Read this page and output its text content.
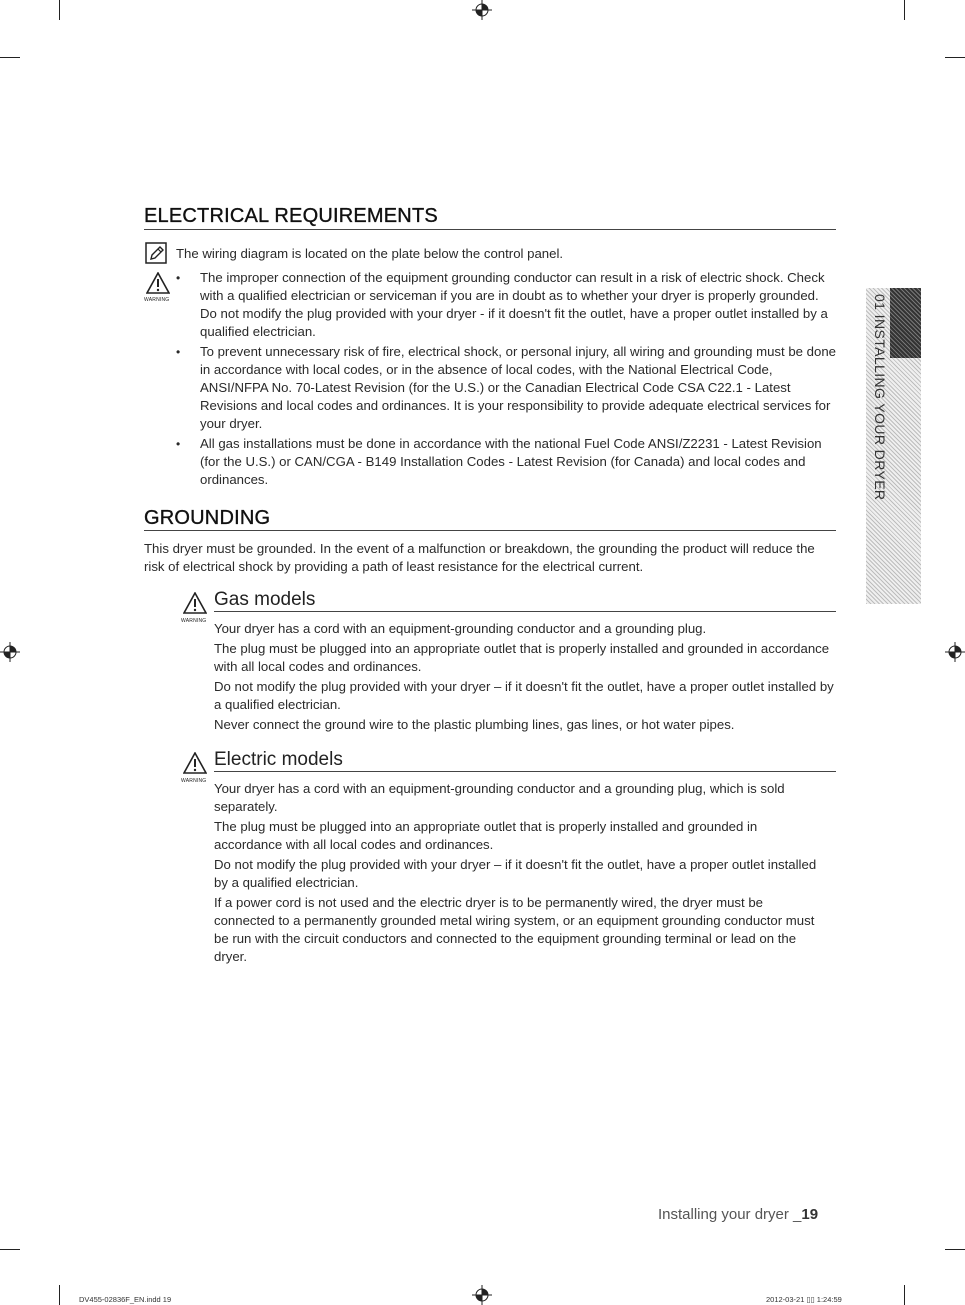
ELECTRICAL REQUIREMENTS
The wiring diagram is located on the plate below the control panel.
WARNING
• The improper connection of the equipment grounding conductor can result in a risk of electric shock. Check with a qualified electrician or serviceman if you are in doubt as to whether your dryer is properly grounded. Do not modify the plug provided with your dryer - if it doesn't fit the outlet, have a proper outlet installed by a qualified electrician.
• To prevent unnecessary risk of fire, electrical shock, or personal injury, all wiring and grounding must be done in accordance with local codes, or in the absence of local codes, with the National Electrical Code, ANSI/NFPA No. 70-Latest Revision (for the U.S.) or the Canadian Electrical Code CSA C22.1 - Latest Revisions and local codes and ordinances. It is your responsibility to provide adequate electrical services for your dryer.
• All gas installations must be done in accordance with the national Fuel Code ANSI/Z2231 - Latest Revision (for the U.S.) or CAN/CGA - B149 Installation Codes - Latest Revision (for Canada) and local codes and ordinances.
GROUNDING
This dryer must be grounded. In the event of a malfunction or breakdown, the grounding the product will reduce the risk of electrical shock by providing a path of least resistance for the electrical current.
WARNING
Gas models
Your dryer has a cord with an equipment-grounding conductor and a grounding plug.
The plug must be plugged into an appropriate outlet that is properly installed and grounded in accordance with all local codes and ordinances.
Do not modify the plug provided with your dryer – if it doesn't fit the outlet, have a proper outlet installed by a qualified electrician.
Never connect the ground wire to the plastic plumbing lines, gas lines, or hot water pipes.
WARNING
Electric models
Your dryer has a cord with an equipment-grounding conductor and a grounding plug, which is sold separately.
The plug must be plugged into an appropriate outlet that is properly installed and grounded in accordance with all local codes and ordinances.
Do not modify the plug provided with your dryer – if it doesn't fit the outlet, have a proper outlet installed by a qualified electrician.
If a power cord is not used and the electric dryer is to be permanently wired, the dryer must be connected to a permanently grounded metal wiring system, or an equipment grounding conductor must be run with the circuit conductors and connected to the equipment grounding terminal or lead on the dryer.
01 INSTALLING YOUR DRYER
Installing your dryer _19
DV455-02836F_EN.indd 19	2012-03-21 ▯▯ 1:24:59
